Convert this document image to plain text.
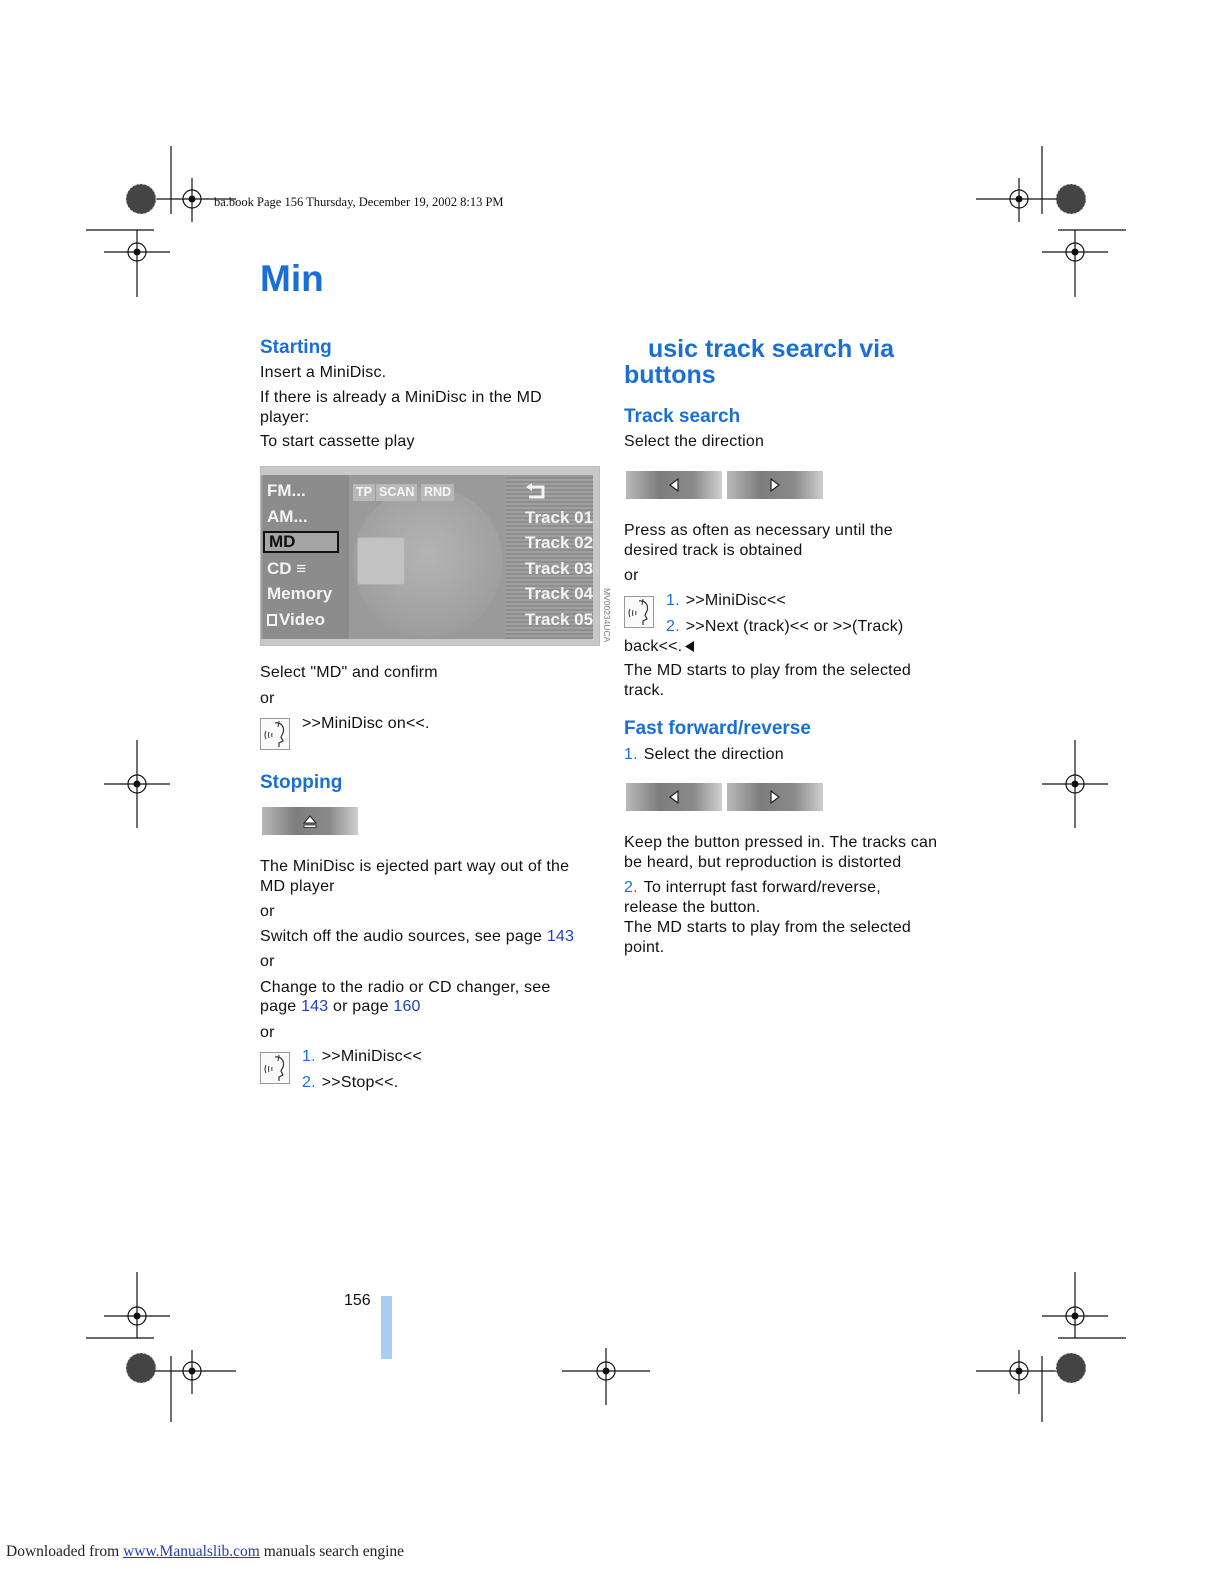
ba.book Page 156 Thursday, December 19, 2002 8:13 PM
Min
Starting
Insert a MiniDisc.
If there is already a MiniDisc in the MD
player:
To start cassette play
FM...
AM...
MD
CD ≡
Memory
Video
TP SCAN RND
Track 01
Track 02
Track 03
Track 04
Track 05 MV00234UCA
Select "MD" and confirm
or
>>MiniDisc on<<.
Stopping
The MiniDisc is ejected part way out of the
MD player
or
Switch off the audio sources, see page 143
or
Change to the radio or CD changer, see
page 143 or page 160
or
1. >>MiniDisc<<
2. >>Stop<<.
usic track search via
buttons
Track search
Select the direction
Press as often as necessary until the
desired track is obtained
or
1. >>MiniDisc<<
2. >>Next (track)<< or >>(Track)
back<<.
The MD starts to play from the selected
track.
Fast forward/reverse
1. Select the direction
Keep the button pressed in. The tracks can
be heard, but reproduction is distorted
2. To interrupt fast forward/reverse,
release the button.
The MD starts to play from the selected
point.
156
Downloaded from www.Manualslib.com manuals search engine
